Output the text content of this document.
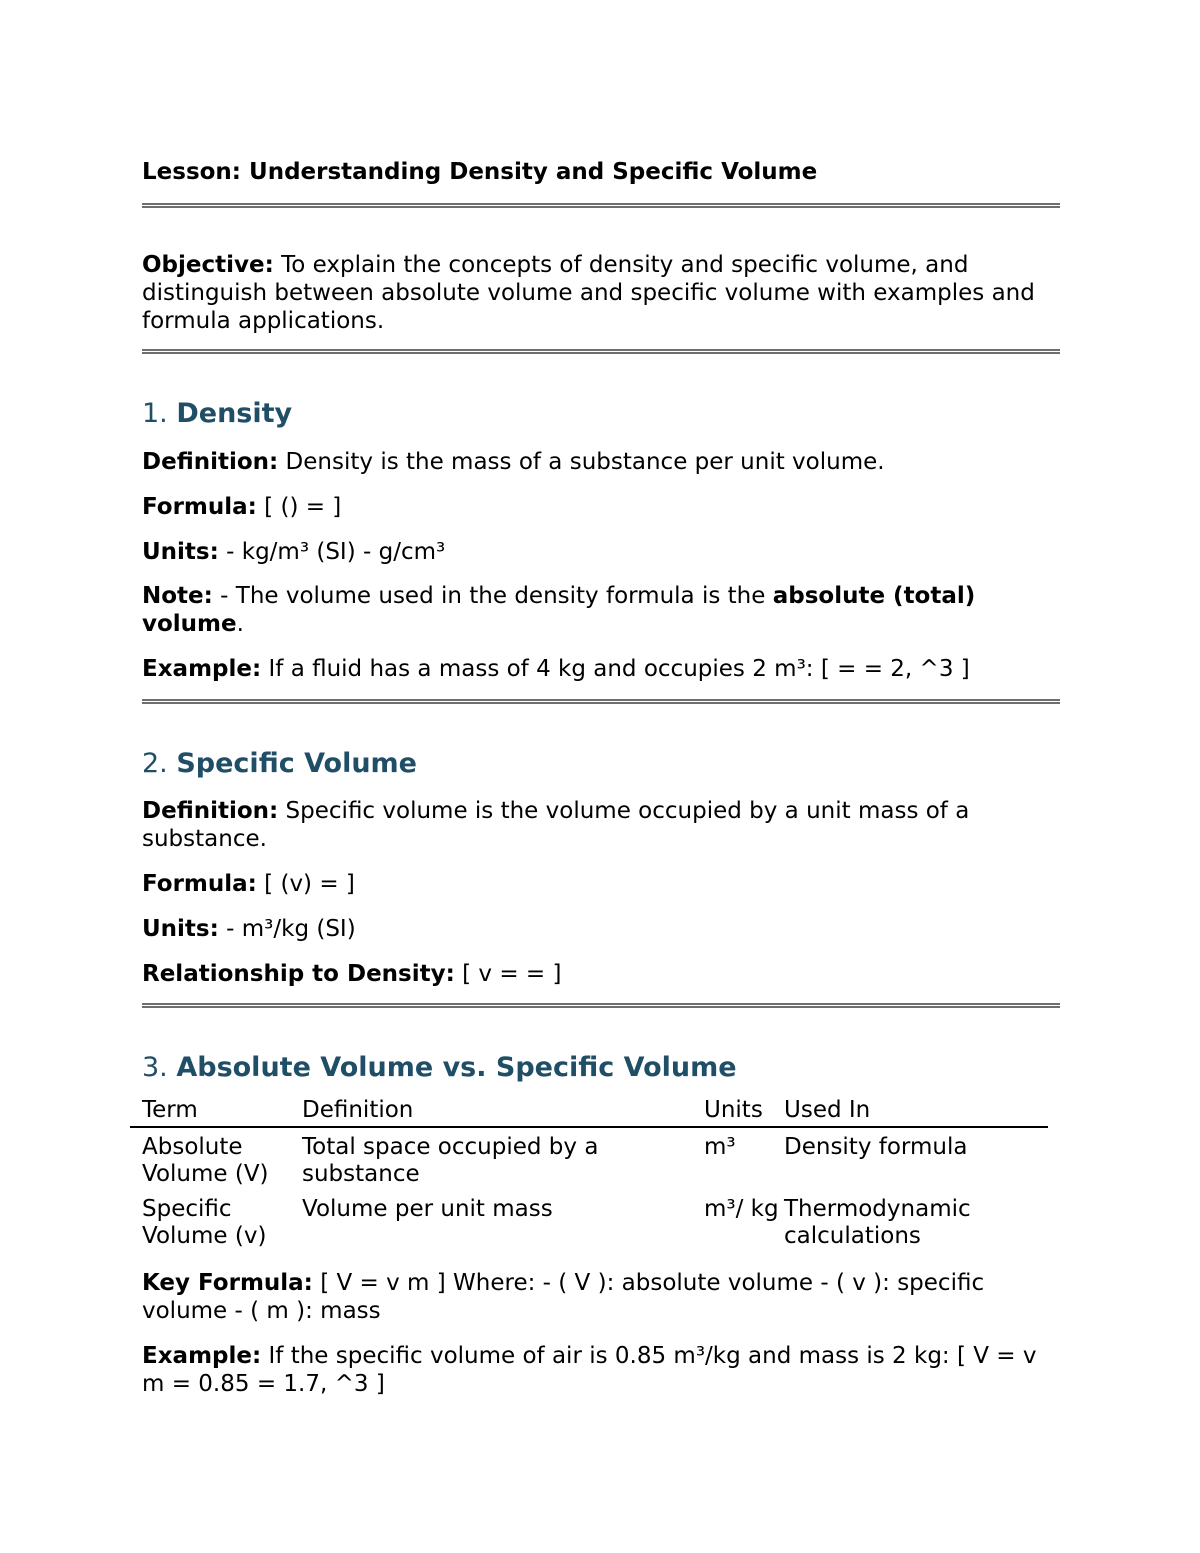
Lesson: Understanding Density and Specific Volume

Objective: To explain the concepts of density and specific volume, and distinguish between absolute volume and specific volume with examples and formula applications.

1. Density

Definition: Density is the mass of a substance per unit volume.

Formula: [ () = ]

Units: - kg/m³ (SI) - g/cm³

Note: - The volume used in the density formula is the absolute (total) volume.

Example: If a fluid has a mass of 4 kg and occupies 2 m³: [ = = 2, ^3 ]

2. Specific Volume

Definition: Specific volume is the volume occupied by a unit mass of a substance.

Formula: [ (v) = ]

Units: - m³/kg (SI)

Relationship to Density: [ v = = ]

3. Absolute Volume vs. Specific Volume

Term	Definition	Units	Used In
Absolute Volume (V)	Total space occupied by a substance	m³	Density formula
Specific Volume (v)	Volume per unit mass	m³/ kg	Thermodynamic calculations

Key Formula: [ V = v m ] Where: - ( V ): absolute volume - ( v ): specific volume - ( m ): mass

Example: If the specific volume of air is 0.85 m³/kg and mass is 2 kg: [ V = v m = 0.85 = 1.7, ^3 ]
